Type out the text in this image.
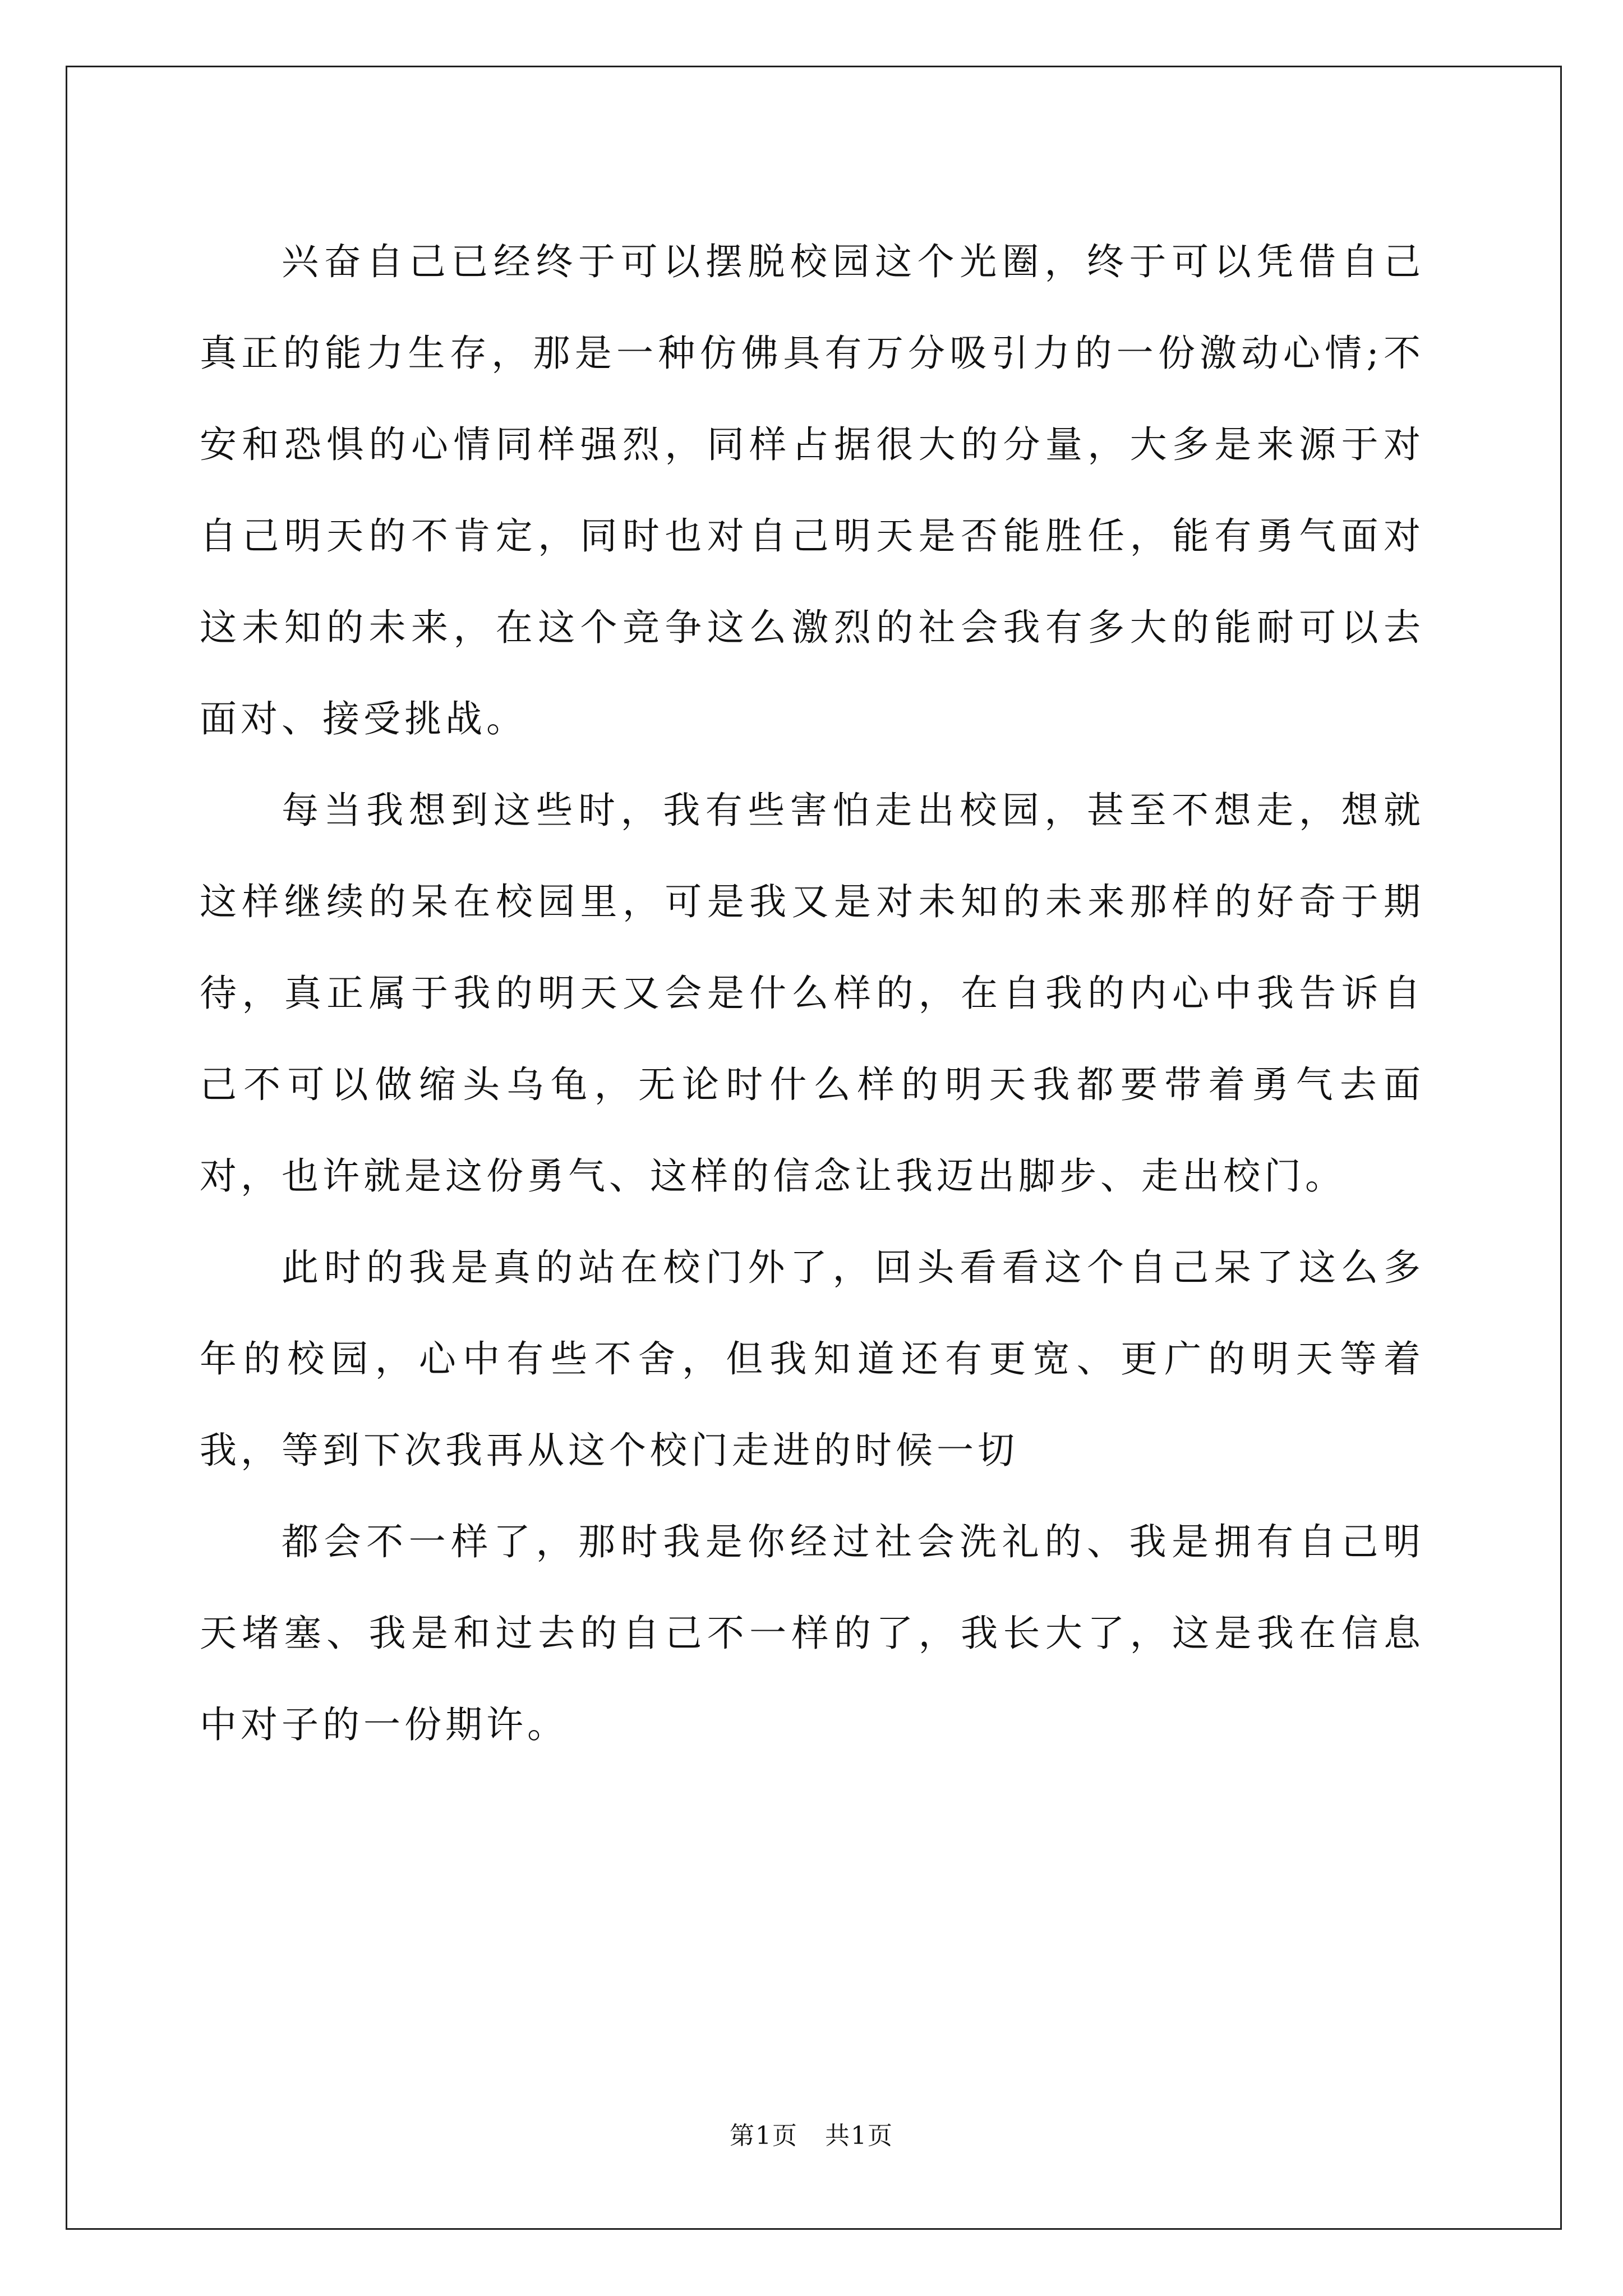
兴奋自己已经终于可以摆脱校园这个光圈，终于可以凭借自己真正的能力生存，那是一种仿佛具有万分吸引力的一份激动心情;不安和恐惧的心情同样强烈，同样占据很大的分量，大多是来源于对自己明天的不肯定，同时也对自己明天是否能胜任，能有勇气面对这未知的未来，在这个竞争这么激烈的社会我有多大的能耐可以去面对、接受挑战。

每当我想到这些时，我有些害怕走出校园，甚至不想走，想就这样继续的呆在校园里，可是我又是对未知的未来那样的好奇于期待，真正属于我的明天又会是什么样的，在自我的内心中我告诉自己不可以做缩头乌龟，无论时什么样的明天我都要带着勇气去面对，也许就是这份勇气、这样的信念让我迈出脚步、走出校门。

此时的我是真的站在校门外了，回头看看这个自己呆了这么多年的校园，心中有些不舍，但我知道还有更宽、更广的明天等着我，等到下次我再从这个校门走进的时候一切

都会不一样了，那时我是你经过社会洗礼的、我是拥有自己明天堵塞、我是和过去的自己不一样的了，我长大了，这是我在信息中对子的一份期许。

第1页 共1页
